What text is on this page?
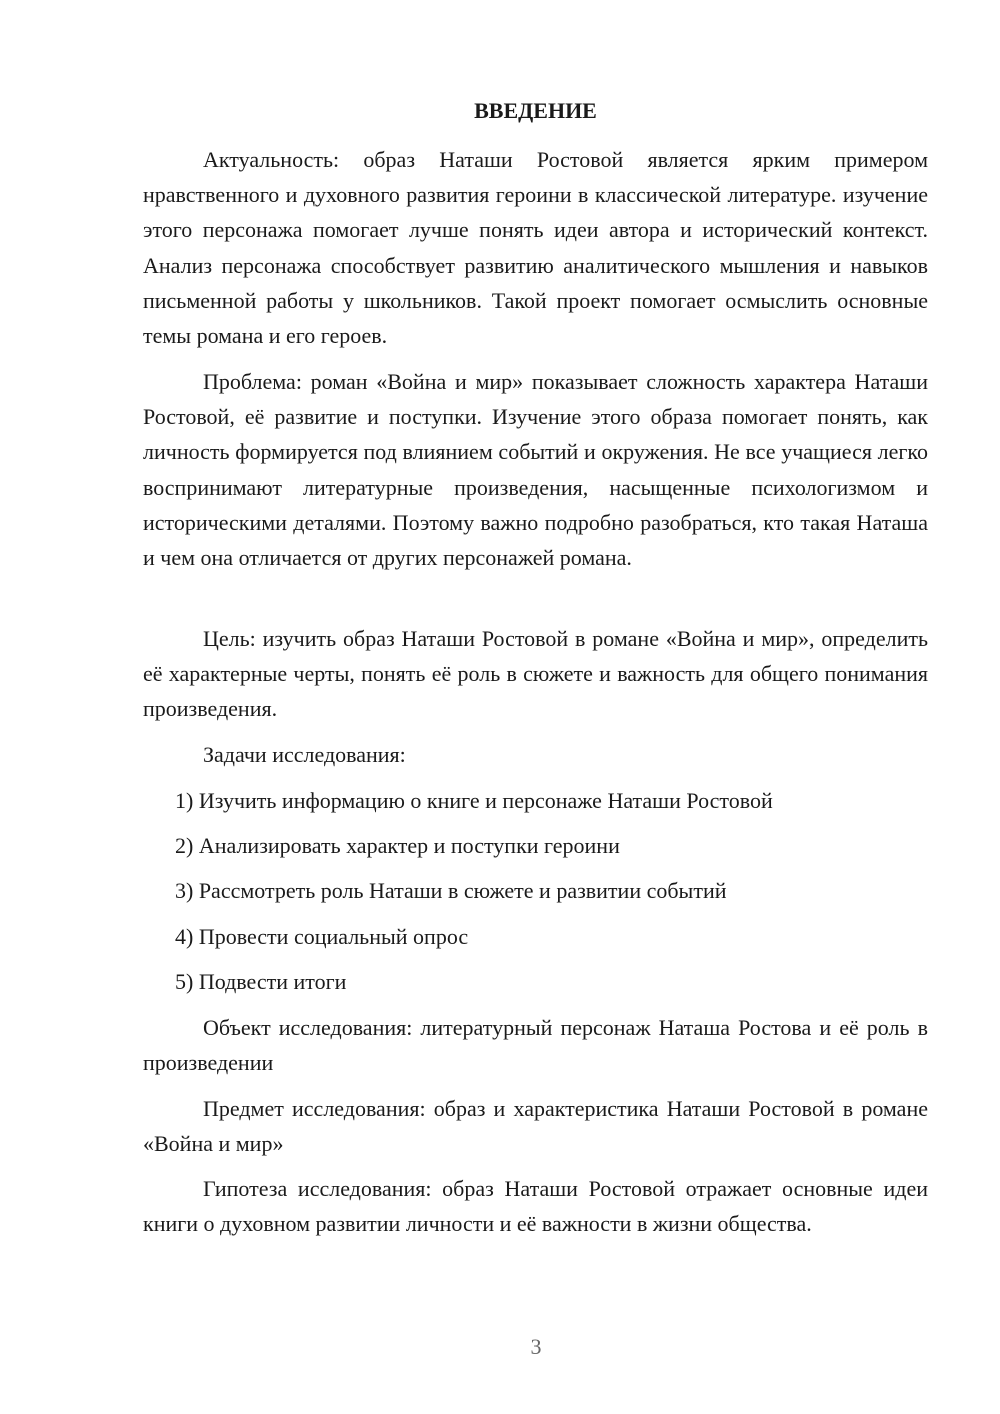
ВВЕДЕНИЕ

Актуальность: образ Наташи Ростовой является ярким примером нравственного и духовного развития героини в классической литературе. изучение этого персонажа помогает лучше понять идеи автора и исторический контекст. Анализ персонажа способствует развитию аналитического мышления и навыков письменной работы у школьников. Такой проект помогает осмыслить основные темы романа и его героев.

Проблема: роман «Война и мир» показывает сложность характера Наташи Ростовой, её развитие и поступки. Изучение этого образа помогает понять, как личность формируется под влиянием событий и окружения. Не все учащиеся легко воспринимают литературные произведения, насыщенные психологизмом и историческими деталями. Поэтому важно подробно разобраться, кто такая Наташа и чем она отличается от других персонажей романа.

Цель: изучить образ Наташи Ростовой в романе «Война и мир», определить её характерные черты, понять её роль в сюжете и важность для общего понимания произведения.

Задачи исследования:

1) Изучить информацию о книге и персонаже Наташи Ростовой

2) Анализировать характер и поступки героини

3) Рассмотреть роль Наташи в сюжете и развитии событий

4) Провести социальный опрос

5) Подвести итоги

Объект исследования: литературный персонаж Наташа Ростова и её роль в произведении

Предмет исследования: образ и характеристика Наташи Ростовой в романе «Война и мир»

Гипотеза исследования: образ Наташи Ростовой отражает основные идеи книги о духовном развитии личности и её важности в жизни общества.

3
